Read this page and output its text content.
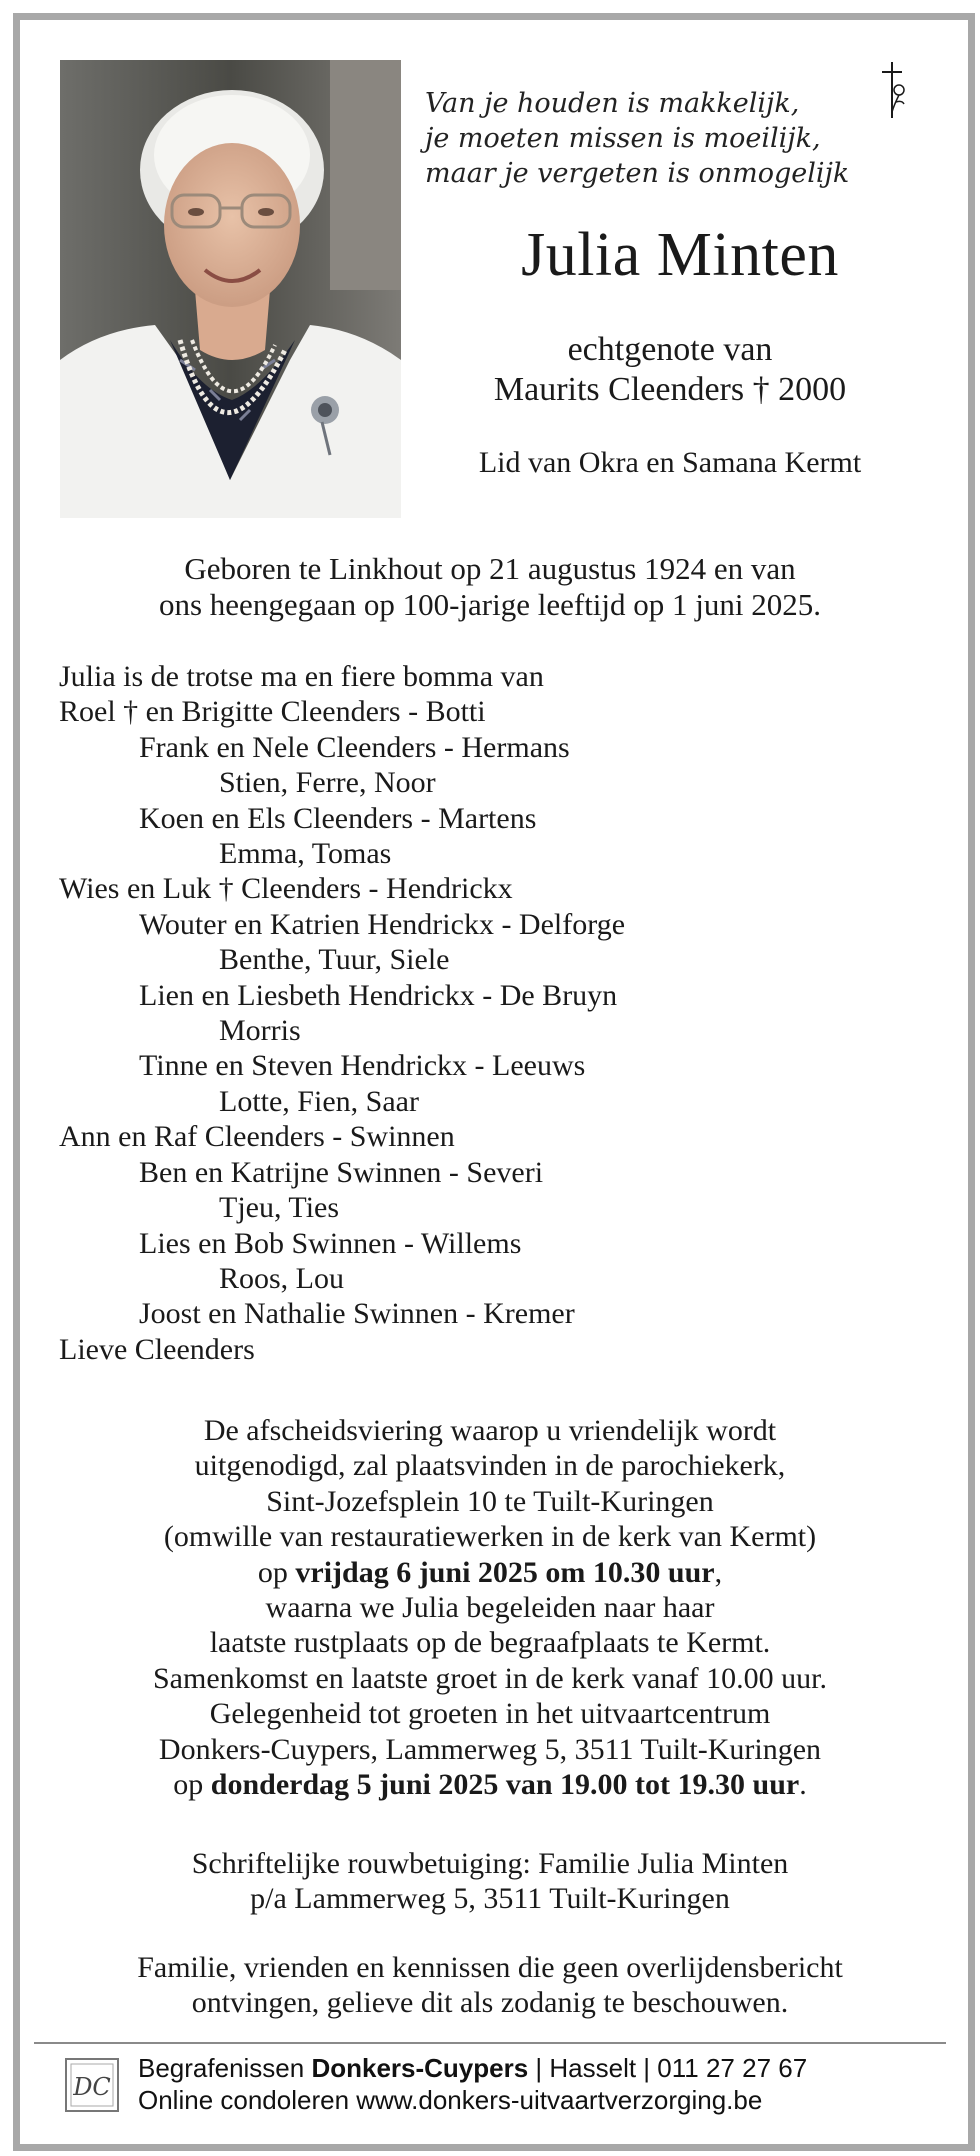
Van je houden is makkelijk,
je moeten missen is moeilijk,
maar je vergeten is onmogelijk
Julia Minten
echtgenote van
Maurits Cleenders † 2000
Lid van Okra en Samana Kermt
Geboren te Linkhout op 21 augustus 1924 en van
ons heengegaan op 100-jarige leeftijd op 1 juni 2025.
Julia is de trotse ma en fiere bomma van
Roel † en Brigitte Cleenders - Botti
Frank en Nele Cleenders - Hermans
Stien, Ferre, Noor
Koen en Els Cleenders - Martens
Emma, Tomas
Wies en Luk † Cleenders - Hendrickx
Wouter en Katrien Hendrickx - Delforge
Benthe, Tuur, Siele
Lien en Liesbeth Hendrickx - De Bruyn
Morris
Tinne en Steven Hendrickx - Leeuws
Lotte, Fien, Saar
Ann en Raf Cleenders - Swinnen
Ben en Katrijne Swinnen - Severi
Tjeu, Ties
Lies en Bob Swinnen - Willems
Roos, Lou
Joost en Nathalie Swinnen - Kremer
Lieve Cleenders
De afscheidsviering waarop u vriendelijk wordt
uitgenodigd, zal plaatsvinden in de parochiekerk,
Sint-Jozefsplein 10 te Tuilt-Kuringen
(omwille van restauratiewerken in de kerk van Kermt)
op vrijdag 6 juni 2025 om 10.30 uur,
waarna we Julia begeleiden naar haar
laatste rustplaats op de begraafplaats te Kermt.
Samenkomst en laatste groet in de kerk vanaf 10.00 uur.
Gelegenheid tot groeten in het uitvaartcentrum
Donkers-Cuypers, Lammerweg 5, 3511 Tuilt-Kuringen
op donderdag 5 juni 2025 van 19.00 tot 19.30 uur.
Schriftelijke rouwbetuiging: Familie Julia Minten
p/a Lammerweg 5, 3511 Tuilt-Kuringen
Familie, vrienden en kennissen die geen overlijdensbericht
ontvingen, gelieve dit als zodanig te beschouwen.
DC
Begrafenissen Donkers-Cuypers | Hasselt | 011 27 27 67
Online condoleren www.donkers-uitvaartverzorging.be
